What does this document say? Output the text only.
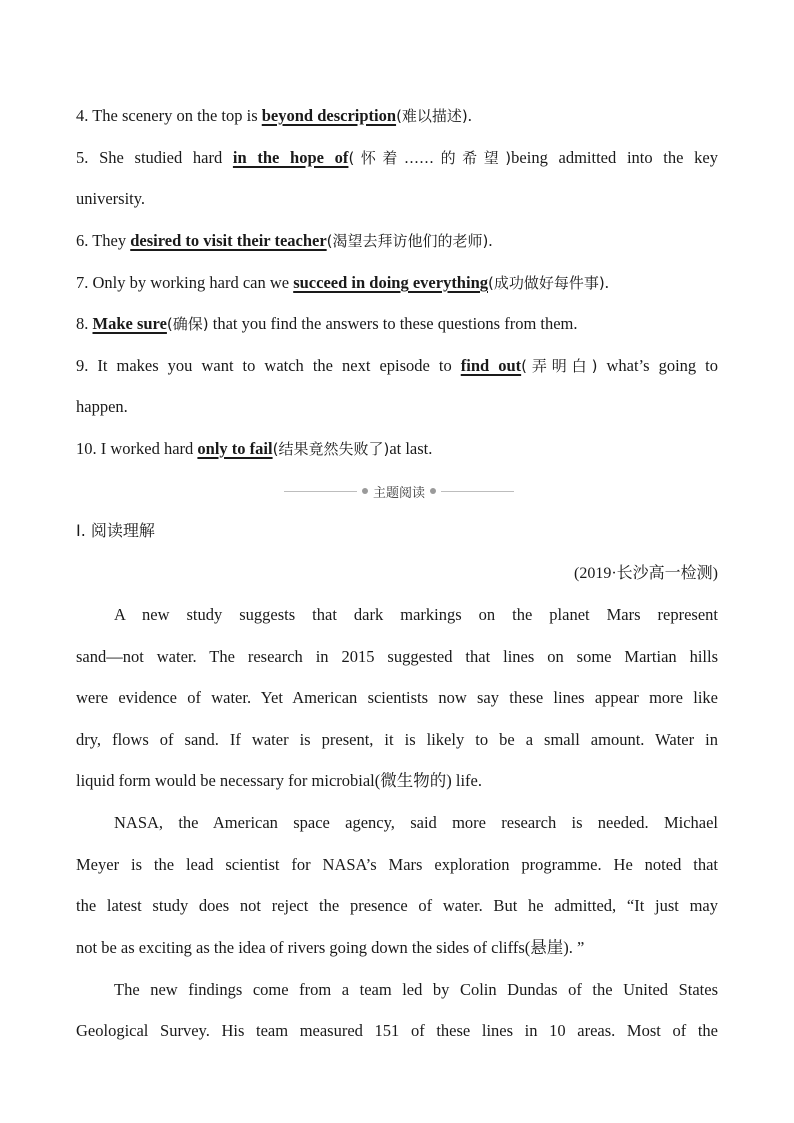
4. The scenery on the top is beyond description(难以描述).
5. She studied hard in the hope of(怀着……的希望)being admitted into the key
university.
6. They desired to visit their teacher(渴望去拜访他们的老师).
7. Only by working hard can we succeed in doing everything(成功做好每件事).
8. Make sure(确保) that you find the answers to these questions from them.
9. It makes you want to watch the next episode to find out(弄明白) what’s going to
happen.
10. I worked hard only to fail(结果竟然失败了)at last.
Ⅰ. 阅读理解
(2019·长沙高一检测)
A new study suggests that dark markings on the planet Mars represent
sand—not water. The research in 2015 suggested that lines on some Martian hills
were evidence of water. Yet American scientists now say these lines appear more like
dry, flows of sand. If water is present, it is likely to be a small amount. Water in
liquid form would be necessary for microbial(微生物的) life.
NASA, the American space agency, said more research is needed. Michael
Meyer is the lead scientist for NASA’s Mars exploration programme. He noted that
the latest study does not reject the presence of water. But he admitted, “It just may
not be as exciting as the idea of rivers going down the sides of cliffs(悬崖). ”
The new findings come from a team led by Colin Dundas of the United States
Geological Survey. His team measured 151 of these lines in 10 areas. Most of the
主题阅读
